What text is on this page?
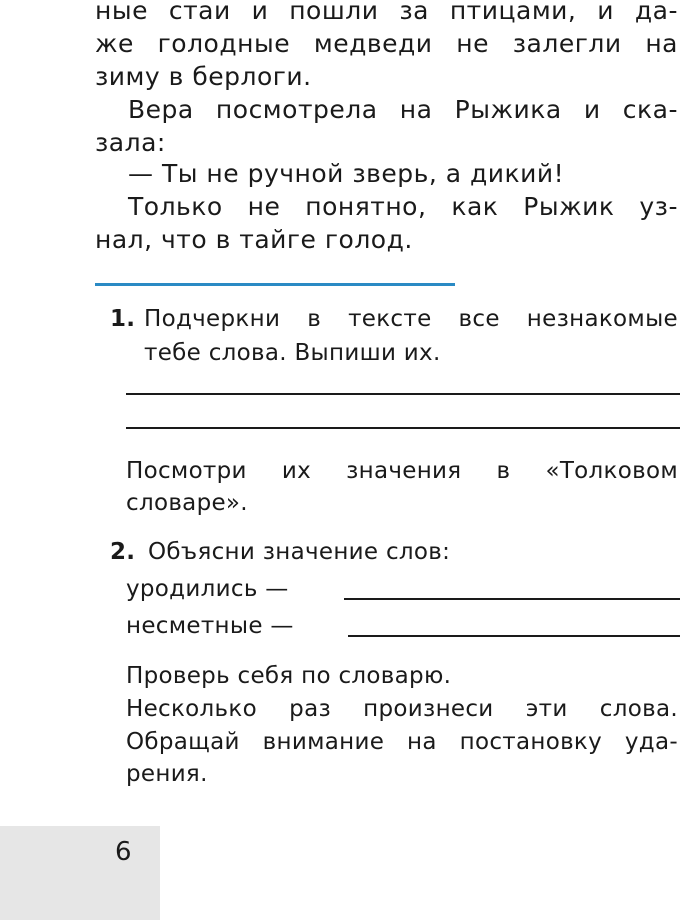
ные стаи и пошли за птицами, и да-
же голодные медведи не залегли на
зиму в берлоги.
Вера посмотрела на Рыжика и ска-
зала:
— Ты не ручной зверь, а дикий!
Только не понятно, как Рыжик уз-
нал, что в тайге голод.
1. Подчеркни в тексте все незнакомые
тебе слова. Выпиши их.
Посмотри их значения в «Толковом
словаре».
2. Объясни значение слов:
уродились —
несметные —
Проверь себя по словарю.
Несколько раз произнеси эти слова.
Обращай внимание на постановку уда-
рения.
6
